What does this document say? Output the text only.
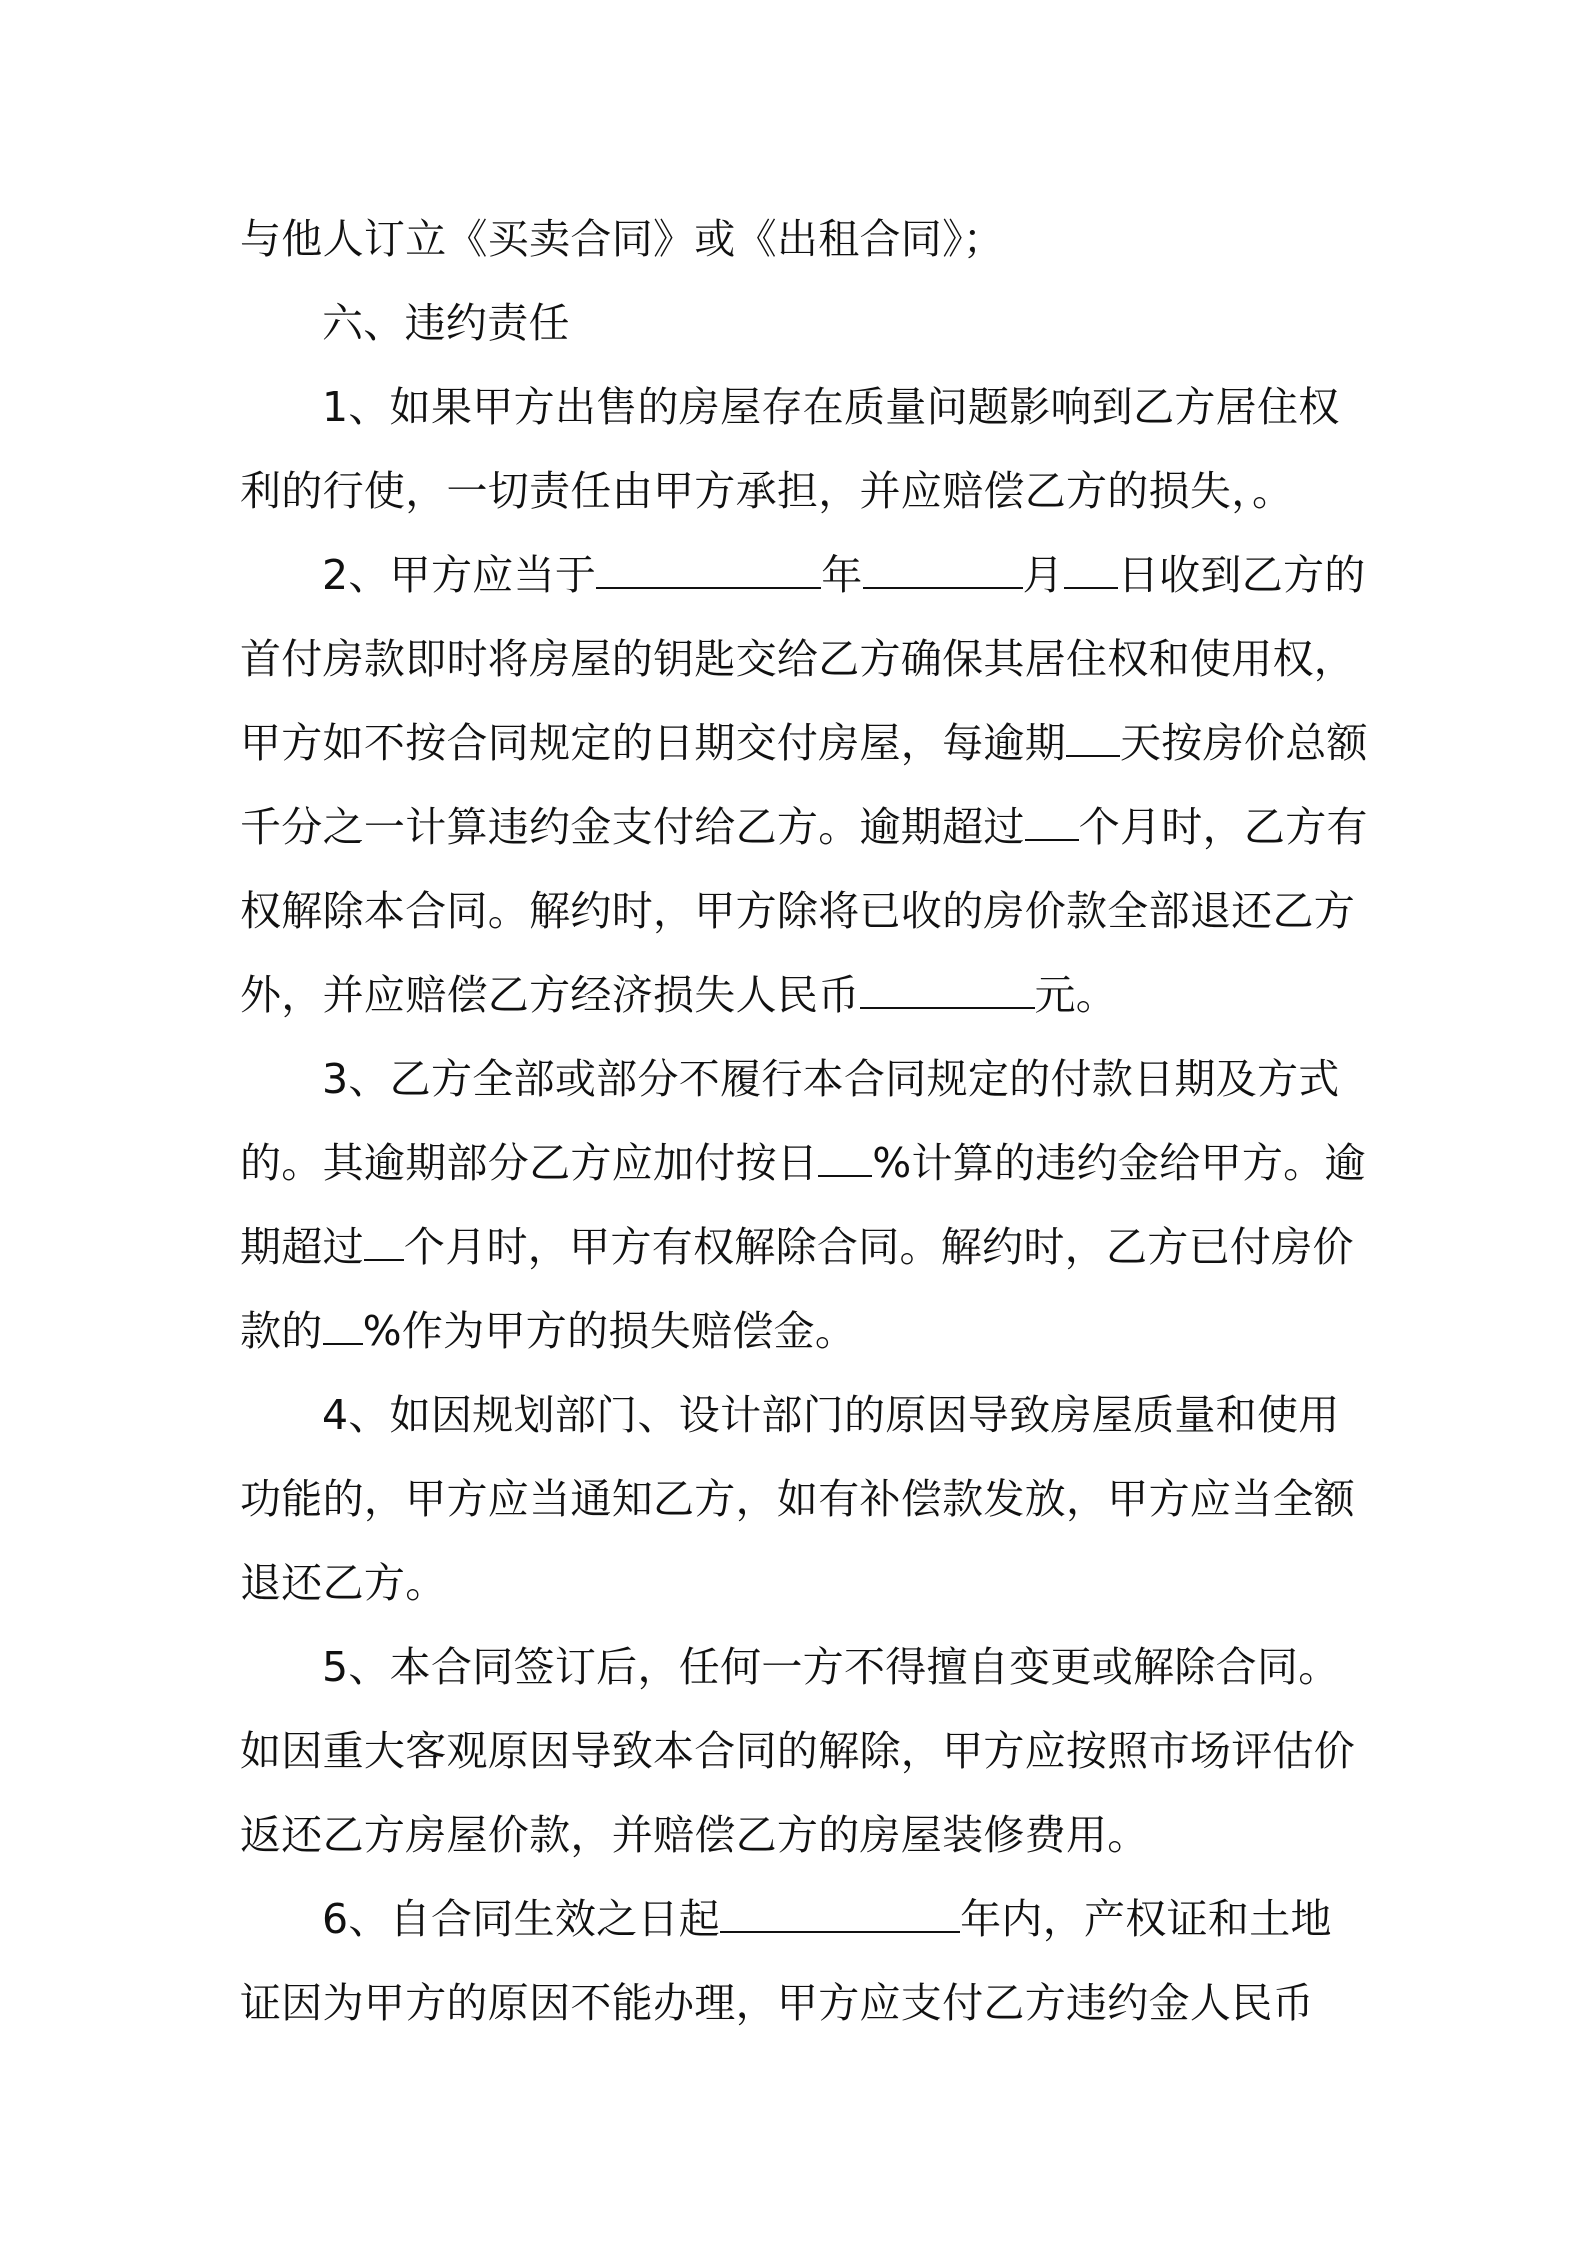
与他人订立《买卖合同》或《出租合同》；

六、违约责任

1、如果甲方出售的房屋存在质量问题影响到乙方居住权利的行使，一切责任由甲方承担，并应赔偿乙方的损失，。

2、甲方应当于	年	月 日收到乙方的首付房款即时将房屋的钥匙交给乙方确保其居住权和使用权，甲方如不按合同规定的日期交付房屋，每逾期 天按房价总额千分之一计算违约金支付给乙方。逾期超过 个月时，乙方有权解除本合同。解约时，甲方除将已收的房价款全部退还乙方外，并应赔偿乙方经济损失人民币	元。

3、乙方全部或部分不履行本合同规定的付款日期及方式的。其逾期部分乙方应加付按日 %计算的违约金给甲方。逾期超过 个月时，甲方有权解除合同。解约时，乙方已付房价款的 %作为甲方的损失赔偿金。

4、如因规划部门、设计部门的原因导致房屋质量和使用功能的，甲方应当通知乙方，如有补偿款发放，甲方应当全额退还乙方。

5、本合同签订后，任何一方不得擅自变更或解除合同。如因重大客观原因导致本合同的解除，甲方应按照市场评估价返还乙方房屋价款，并赔偿乙方的房屋装修费用。

6、自合同生效之日起	年内，产权证和土地证因为甲方的原因不能办理，甲方应支付乙方违约金人民币
